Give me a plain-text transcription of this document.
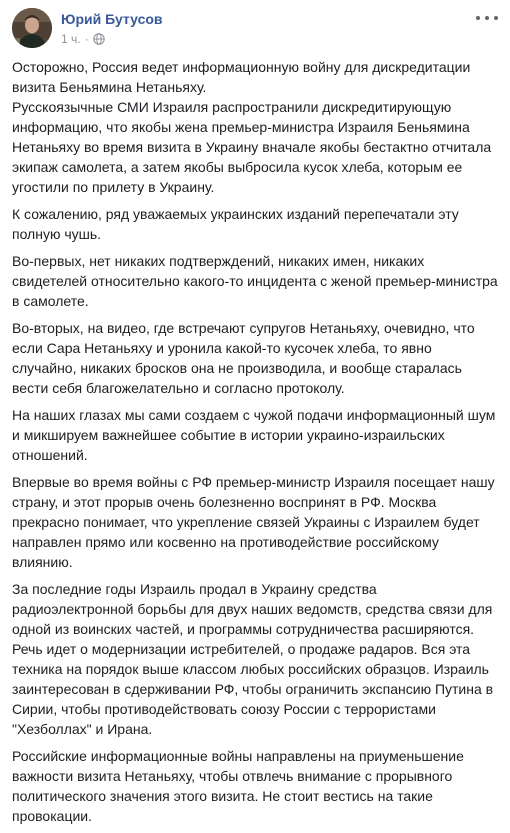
Юрий Бутусов
1 ч. ·

Осторожно, Россия ведет информационную войну для дискредитации визита Беньямина Нетаньяху.
Русскоязычные СМИ Израиля распространили дискредитирующую информацию, что якобы жена премьер-министра Израиля Беньямина Нетаньяху во время визита в Украину вначале якобы бестактно отчитала экипаж самолета, а затем якобы выбросила кусок хлеба, которым ее угостили по прилету в Украину.

К сожалению, ряд уважаемых украинских изданий перепечатали эту полную чушь.

Во-первых, нет никаких подтверждений, никаких имен, никаких свидетелей относительно какого-то инцидента с женой премьер-министра в самолете.

Во-вторых, на видео, где встречают супругов Нетаньяху, очевидно, что если Сара Нетаньяху и уронила какой-то кусочек хлеба, то явно случайно, никаких бросков она не производила, и вообще старалась вести себя благожелательно и согласно протоколу.

На наших глазах мы сами создаем с чужой подачи информационный шум и микшируем важнейшее событие в истории украино-израильских отношений.

Впервые во время войны с РФ премьер-министр Израиля посещает нашу страну, и этот прорыв очень болезненно воспринят в РФ. Москва прекрасно понимает, что укрепление связей Украины с Израилем будет направлен прямо или косвенно на противодействие российскому влиянию.

За последние годы Израиль продал в Украину средства радиоэлектронной борьбы для двух наших ведомств, средства связи для одной из воинских частей, и программы сотрудничества расширяются. Речь идет о модернизации истребителей, о продаже радаров. Вся эта техника на порядок выше классом любых российских образцов. Израиль заинтересован в сдерживании РФ, чтобы ограничить экспансию Путина в Сирии, чтобы противодействовать союзу России с террористами "Хезболлах" и Ирана.

Российские информационные войны направлены на приуменьшение важности визита Нетаньяху, чтобы отвлечь внимание с прорывного политического значения этого визита. Не стоит вестись на такие провокации.
